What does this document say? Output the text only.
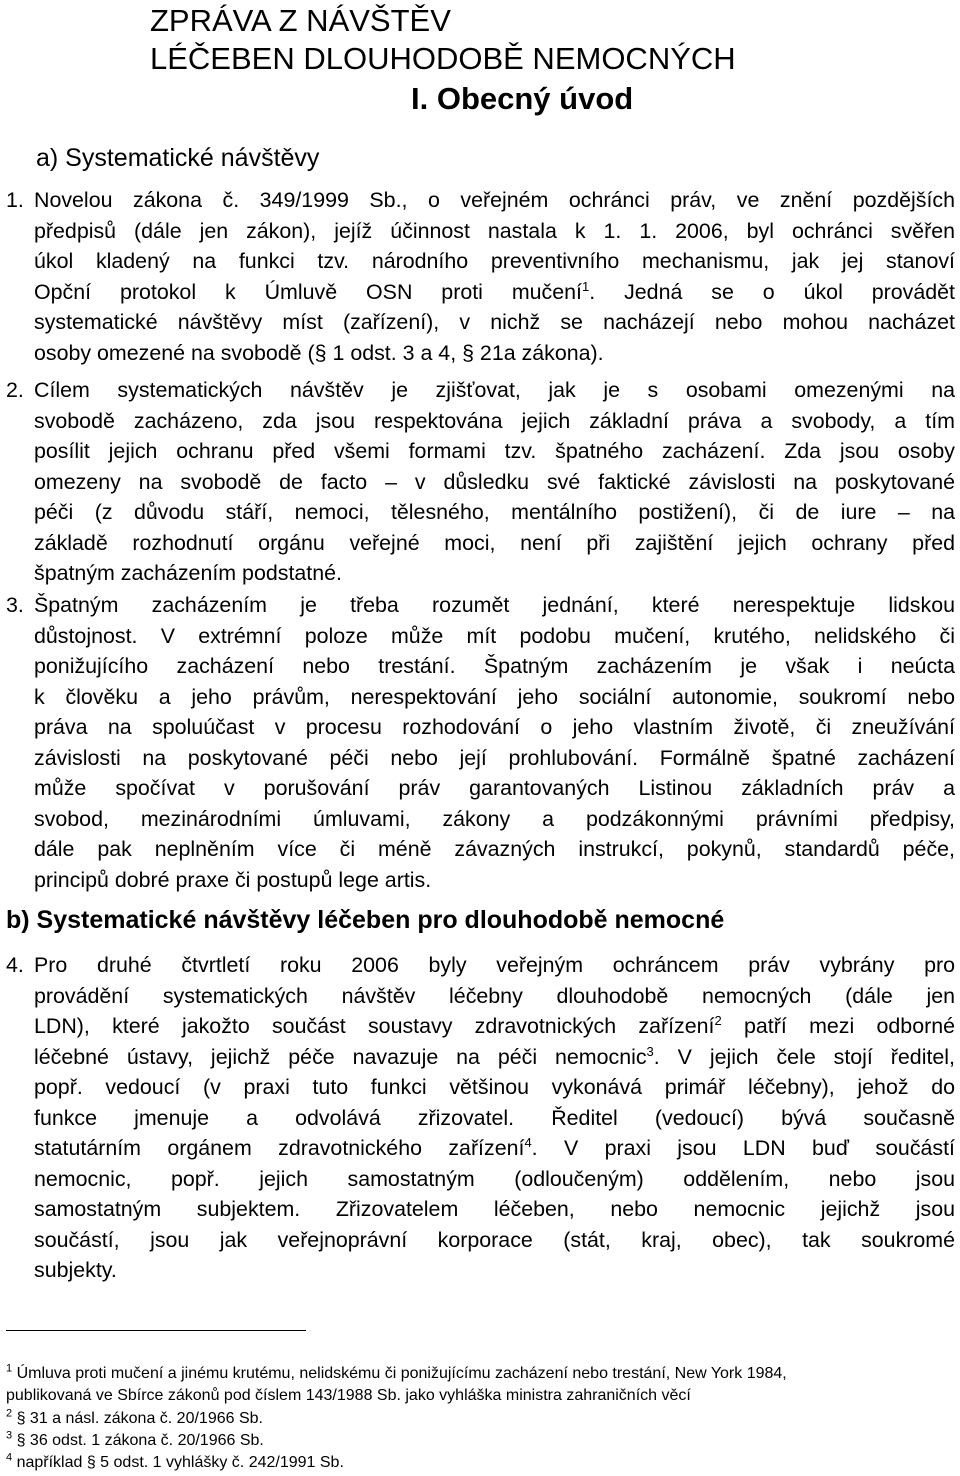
ZPRÁVA Z NÁVŠTĚV
LÉČEBEN DLOUHODOBĚ NEMOCNÝCH
I. Obecný úvod
a) Systematické návštěvy
1. Novelou zákona č. 349/1999 Sb., o veřejném ochránci práv, ve znění pozdějších
předpisů (dále jen zákon), jejíž účinnost nastala k 1. 1. 2006, byl ochránci svěřen
úkol kladený na funkci tzv. národního preventivního mechanismu, jak jej stanoví
Opční protokol k Úmluvě OSN proti mučení$^1$. Jedná se o úkol provádět
systematické návštěvy míst (zařízení), v nichž se nacházejí nebo mohou nacházet
osoby omezené na svobodě (§ 1 odst. 3 a 4, § 21a zákona).
2. Cílem systematických návštěv je zjišťovat, jak je s osobami omezenými na
svobodě zacházeno, zda jsou respektována jejich základní práva a svobody, a tím
posílit jejich ochranu před všemi formami tzv. špatného zacházení. Zda jsou osoby
omezeny na svobodě de facto – v důsledku své faktické závislosti na poskytované
péči (z důvodu stáří, nemoci, tělesného, mentálního postižení), či de iure – na
základě rozhodnutí orgánu veřejné moci, není při zajištění jejich ochrany před
špatným zacházením podstatné.
3. Špatným zacházením je třeba rozumět jednání, které nerespektuje lidskou
důstojnost. V extrémní poloze může mít podobu mučení, krutého, nelidského či
ponižujícího zacházení nebo trestání. Špatným zacházením je však i neúcta
k člověku a jeho právům, nerespektování jeho sociální autonomie, soukromí nebo
práva na spoluúčast v procesu rozhodování o jeho vlastním životě, či zneužívání
závislosti na poskytované péči nebo její prohlubování. Formálně špatné zacházení
může spočívat v porušování práv garantovaných Listinou základních práv a
svobod, mezinárodními úmluvami, zákony a podzákonnými právními předpisy,
dále pak neplněním více či méně závazných instrukcí, pokynů, standardů péče,
principů dobré praxe či postupů lege artis.
b) Systematické návštěvy léčeben pro dlouhodobě nemocné
4. Pro druhé čtvrtletí roku 2006 byly veřejným ochráncem práv vybrány pro
provádění systematických návštěv léčebny dlouhodobě nemocných (dále jen
LDN), které jakožto součást soustavy zdravotnických zařízení$^2$ patří mezi odborné
léčebné ústavy, jejichž péče navazuje na péči nemocnic$^3$. V jejich čele stojí ředitel,
popř. vedoucí (v praxi tuto funkci většinou vykonává primář léčebny), jehož do
funkce jmenuje a odvolává zřizovatel. Ředitel (vedoucí) bývá současně
statutárním orgánem zdravotnického zařízení$^4$. V praxi jsou LDN buď součástí
nemocnic, popř. jejich samostatným (odloučeným) oddělením, nebo jsou
samostatným subjektem. Zřizovatelem léčeben, nebo nemocnic jejichž jsou
součástí, jsou jak veřejnoprávní korporace (stát, kraj, obec), tak soukromé
subjekty.
$^1$ Úmluva proti mučení a jinému krutému, nelidskému či ponižujícímu zacházení nebo trestání, New York 1984,
publikovaná ve Sbírce zákonů pod číslem 143/1988 Sb. jako vyhláška ministra zahraničních věcí
$^2$ § 31 a násl. zákona č. 20/1966 Sb.
$^3$ § 36 odst. 1 zákona č. 20/1966 Sb.
$^4$ například § 5 odst. 1 vyhlášky č. 242/1991 Sb.
